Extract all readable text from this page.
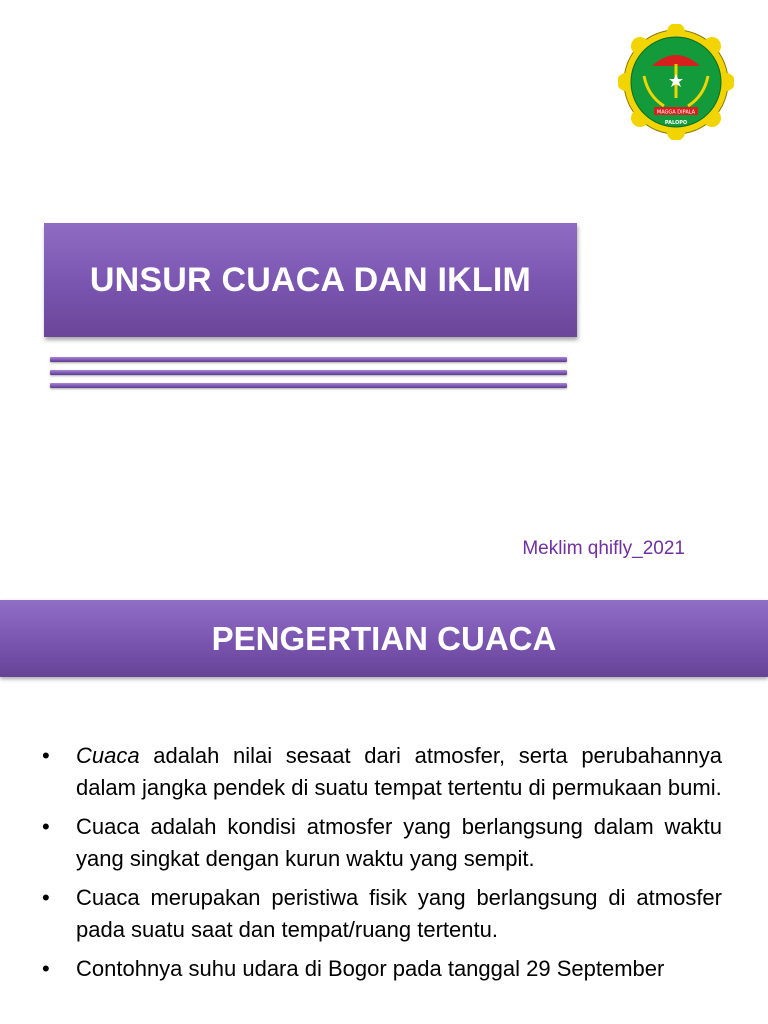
MAGGA DIPALA
PALOPO
UNSUR CUACA DAN IKLIM
Meklim qhifly_2021
PENGERTIAN CUACA
• Cuaca adalah nilai sesaat dari atmosfer, serta perubahannya dalam jangka pendek di suatu tempat tertentu di permukaan bumi.
• Cuaca adalah kondisi atmosfer yang berlangsung dalam waktu yang singkat dengan kurun waktu yang sempit.
• Cuaca merupakan peristiwa fisik yang berlangsung di atmosfer pada suatu saat dan tempat/ruang tertentu.
• Contohnya suhu udara di Bogor pada tanggal 29 September
